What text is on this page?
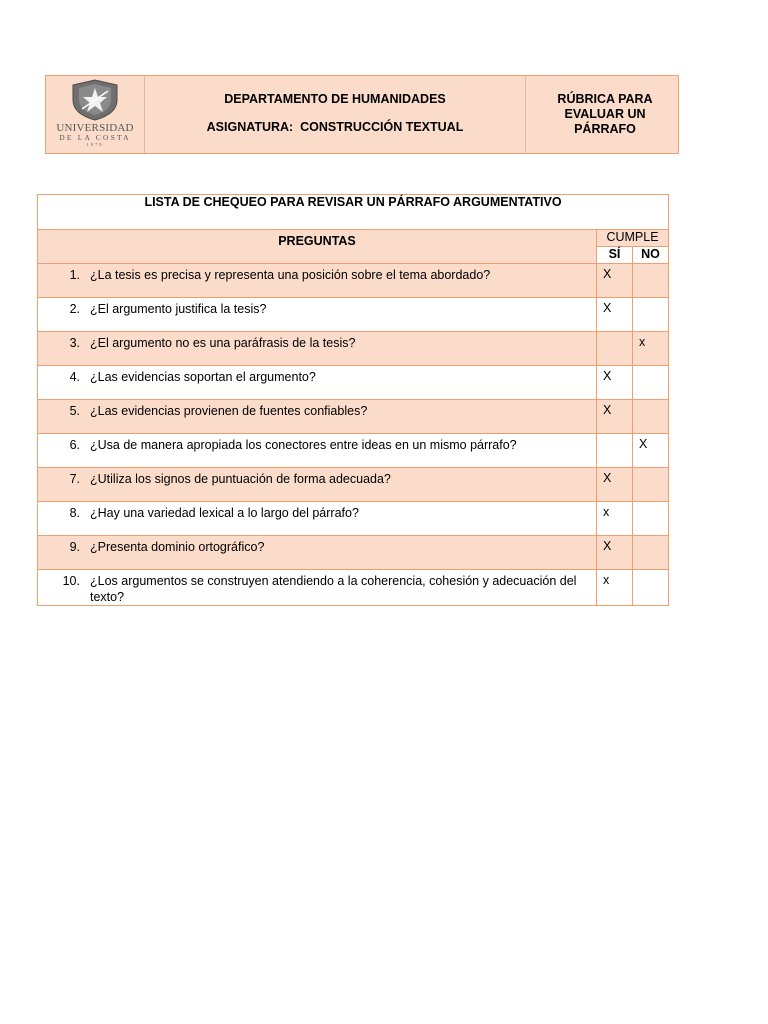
UNIVERSIDAD
DE LA COSTA
1970
DEPARTAMENTO DE HUMANIDADES
ASIGNATURA:  CONSTRUCCIÓN TEXTUAL
RÚBRICA PARA
EVALUAR UN
PÁRRAFO
LISTA DE CHEQUEO PARA REVISAR UN PÁRRAFO ARGUMENTATIVO		
PREGUNTAS	CUMPLE	
	SÍ	NO

1. ¿La tesis es precisa y representa una posición sobre el tema abordado?	X	

2. ¿El argumento justifica la tesis?	X	

3. ¿El argumento no es una paráfrasis de la tesis?		x

4. ¿Las evidencias soportan el argumento?	X	

5. ¿Las evidencias provienen de fuentes confiables?	X	

6. ¿Usa de manera apropiada los conectores entre ideas en un mismo párrafo?		X

7. ¿Utiliza los signos de puntuación de forma adecuada?	X	

8. ¿Hay una variedad lexical a lo largo del párrafo?	x	

9. ¿Presenta dominio ortográfico?	X	

10. ¿Los argumentos se construyen atendiendo a la coherencia, cohesión y adecuación del texto?	x	
